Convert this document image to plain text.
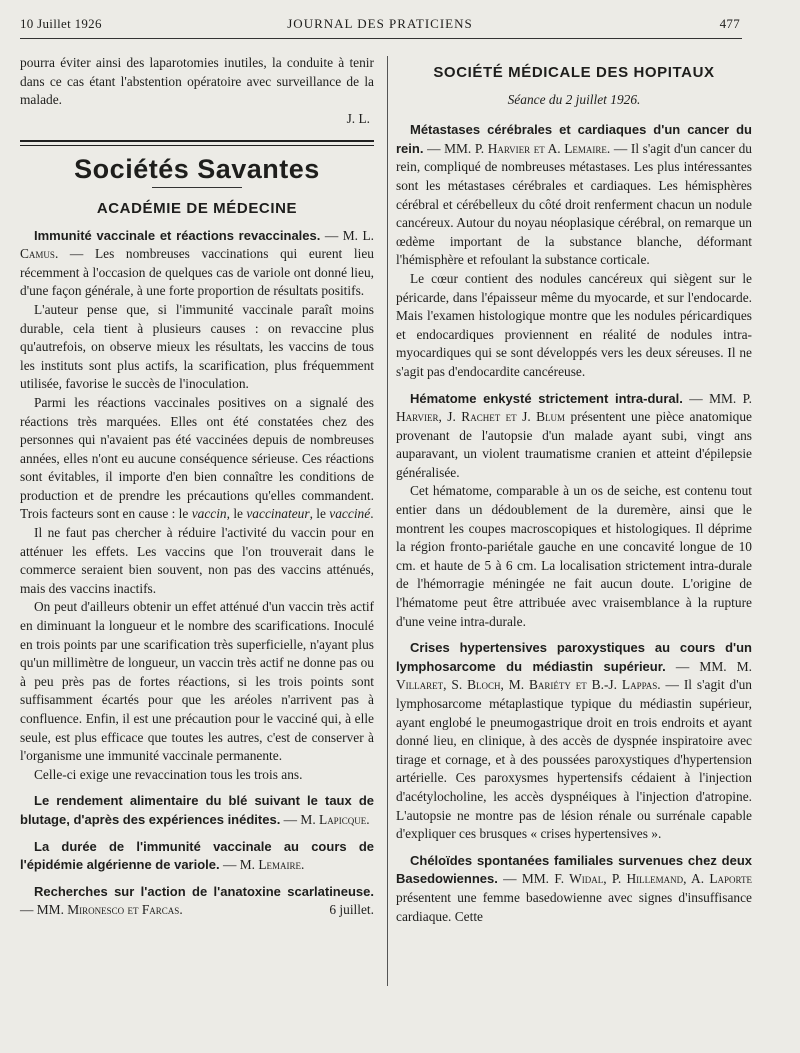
10 Juillet 1926	JOURNAL DES PRATICIENS	477

pourra éviter ainsi des laparotomies inutiles, la conduite à tenir dans ce cas étant l'abstention opératoire avec surveillance de la malade.

J. L.
Sociétés Savantes
ACADÉMIE DE MÉDECINE

Immunité vaccinale et réactions revaccinales. — M. L. Camus. — Les nombreuses vaccinations qui eurent lieu récemment à l'occasion de quelques cas de variole ont donné lieu, d'une façon générale, à une forte proportion de résultats positifs.

L'auteur pense que, si l'immunité vaccinale paraît moins durable, cela tient à plusieurs causes : on revaccine plus qu'autrefois, on observe mieux les résultats, les vaccins de tous les instituts sont plus actifs, la scarification, plus fréquemment utilisée, favorise le succès de l'inoculation.

Parmi les réactions vaccinales positives on a signalé des réactions très marquées. Elles ont été constatées chez des personnes qui n'avaient pas été vaccinées depuis de nombreuses années, elles n'ont eu aucune conséquence sérieuse. Ces réactions sont évitables, il importe d'en bien connaître les conditions de production et de prendre les précautions qu'elles commandent. Trois facteurs sont en cause : le vaccin, le vaccinateur, le vacciné.

Il ne faut pas chercher à réduire l'activité du vaccin pour en atténuer les effets. Les vaccins que l'on trouverait dans le commerce seraient bien souvent, non pas des vaccins atténués, mais des vaccins inactifs.

On peut d'ailleurs obtenir un effet atténué d'un vaccin très actif en diminuant la longueur et le nombre des scarifications. Inoculé en trois points par une scarification très superficielle, n'ayant plus qu'un millimètre de longueur, un vaccin très actif ne donne pas ou à peu près pas de fortes réactions, si les trois points sont suffisamment écartés pour que les aréoles n'arrivent pas à confluence. Enfin, il est une précaution pour le vacciné qui, à elle seule, est plus efficace que toutes les autres, c'est de conserver à l'organisme une immunité vaccinale permanente.

Celle-ci exige une revaccination tous les trois ans.

Le rendement alimentaire du blé suivant le taux de blutage, d'après des expériences inédites. — M. Lapicque.

La durée de l'immunité vaccinale au cours de l'épidémie algérienne de variole. — M. Lemaire.

Recherches sur l'action de l'anatoxine scarlatineuse. — MM. Mironesco et Farcas.	6 juillet.

SOCIÉTÉ MÉDICALE DES HOPITAUX
Séance du 2 juillet 1926.

Métastases cérébrales et cardiaques d'un cancer du rein. — MM. P. Harvier et A. Lemaire. — Il s'agit d'un cancer du rein, compliqué de nombreuses métastases. Les plus intéressantes sont les métastases cérébrales et cardiaques. Les hémisphères cérébral et cérébelleux du côté droit renferment chacun un nodule cancéreux. Autour du noyau néoplasique cérébral, on remarque un œdème important de la substance blanche, déformant l'hémisphère et refoulant la substance corticale.

Le cœur contient des nodules cancéreux qui siègent sur le péricarde, dans l'épaisseur même du myocarde, et sur l'endocarde. Mais l'examen histologique montre que les nodules péricardiques et endocardiques proviennent en réalité de nodules intra-myocardiques qui se sont développés vers les deux séreuses. Il ne s'agit pas d'endocardite cancéreuse.

Hématome enkysté strictement intra-dural. — MM. P. Harvier, J. Rachet et J. Blum présentent une pièce anatomique provenant de l'autopsie d'un malade ayant subi, vingt ans auparavant, un violent traumatisme cranien et atteint d'épilepsie généralisée.

Cet hématome, comparable à un os de seiche, est contenu tout entier dans un dédoublement de la duremère, ainsi que le montrent les coupes macroscopiques et histologiques. Il déprime la région fronto-pariétale gauche en une concavité longue de 10 cm. et haute de 5 à 6 cm. La localisation strictement intra-durale de l'hémorragie méningée ne fait aucun doute. L'origine de l'hématome peut être attribuée avec vraisemblance à la rupture d'une veine intra-durale.

Crises hypertensives paroxystiques au cours d'un lymphosarcome du médiastin supérieur. — MM. M. Villaret, S. Bloch, M. Bariéty et B.-J. Lappas. — Il s'agit d'un lymphosarcome métaplastique typique du médiastin supérieur, ayant englobé le pneumogastrique droit en trois endroits et ayant donné lieu, en clinique, à des accès de dyspnée inspiratoire avec tirage et cornage, et à des poussées paroxystiques d'hypertension artérielle. Ces paroxysmes hypertensifs cédaient à l'injection d'acétylocholine, les accès dyspnéiques à l'injection d'atropine. L'autopsie ne montre pas de lésion rénale ou surrénale capable d'expliquer ces brusques « crises hypertensives ».

Chéloïdes spontanées familiales survenues chez deux Basedowiennes. — MM. F. Widal, P. Hillemand, A. Laporte présentent une femme basedowienne avec signes d'insuffisance cardiaque. Cette
